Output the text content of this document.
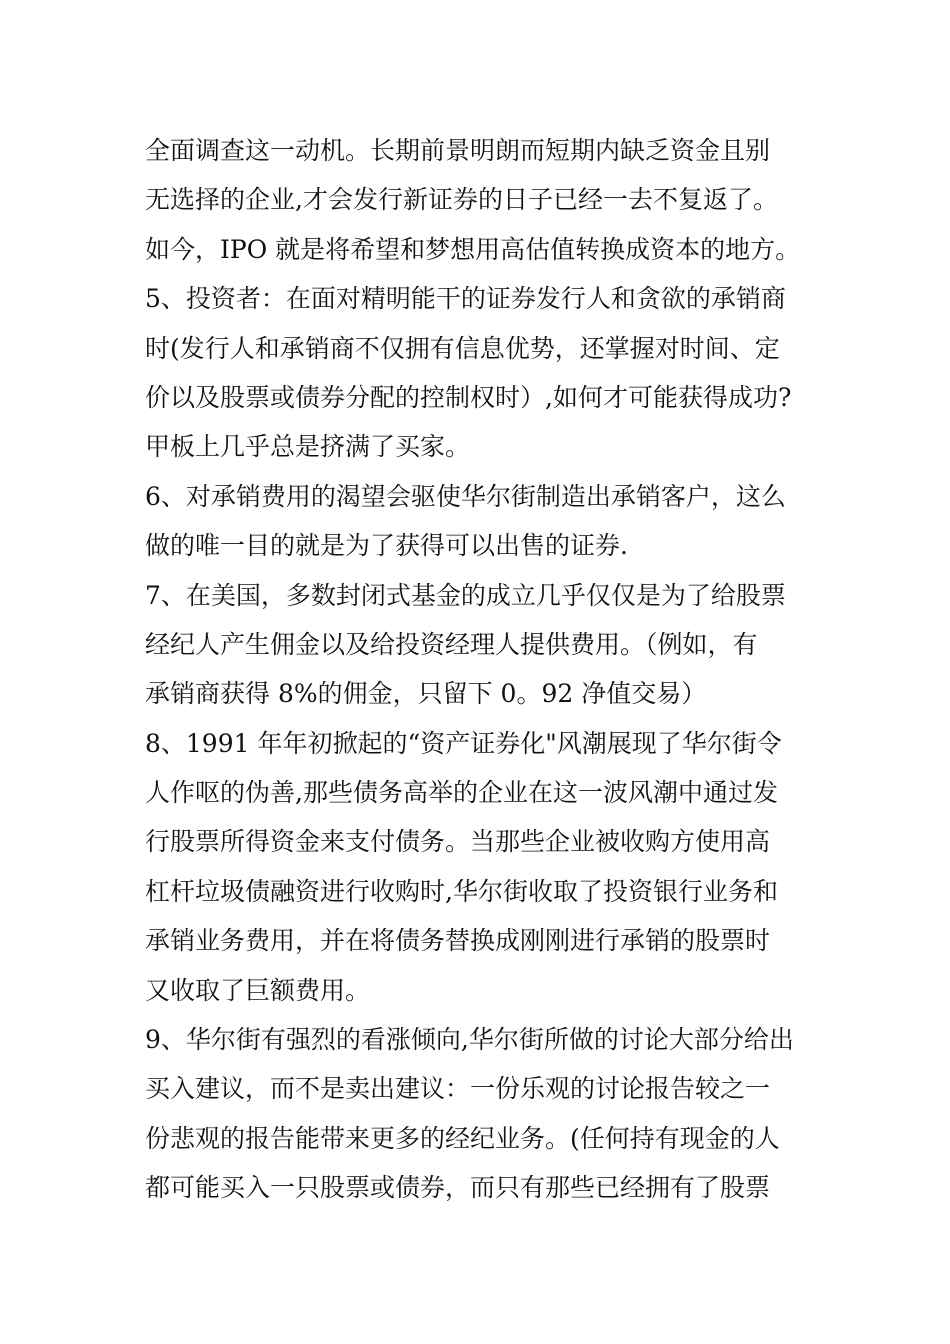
全面调查这一动机。长期前景明朗而短期内缺乏资金且别
无选择的企业,才会发行新证券的日子已经一去不复返了。
如今，IPO 就是将希望和梦想用高估值转换成资本的地方。
5、投资者：在面对精明能干的证券发行人和贪欲的承销商
时(发行人和承销商不仅拥有信息优势，还掌握对时间、定
价以及股票或债券分配的控制权时）,如何才可能获得成功?
甲板上几乎总是挤满了买家。
6、对承销费用的渴望会驱使华尔街制造出承销客户，这么
做的唯一目的就是为了获得可以出售的证券.
7、在美国，多数封闭式基金的成立几乎仅仅是为了给股票
经纪人产生佣金以及给投资经理人提供费用。（例如，有
承销商获得 8%的佣金，只留下 0。92 净值交易）
8、1991 年年初掀起的“资产证券化"风潮展现了华尔街令
人作呕的伪善,那些债务高举的企业在这一波风潮中通过发
行股票所得资金来支付债务。当那些企业被收购方使用高
杠杆垃圾债融资进行收购时,华尔街收取了投资银行业务和
承销业务费用，并在将债务替换成刚刚进行承销的股票时
又收取了巨额费用。
9、华尔街有强烈的看涨倾向,华尔街所做的讨论大部分给出
买入建议，而不是卖出建议：一份乐观的讨论报告较之一
份悲观的报告能带来更多的经纪业务。(任何持有现金的人
都可能买入一只股票或债券，而只有那些已经拥有了股票
